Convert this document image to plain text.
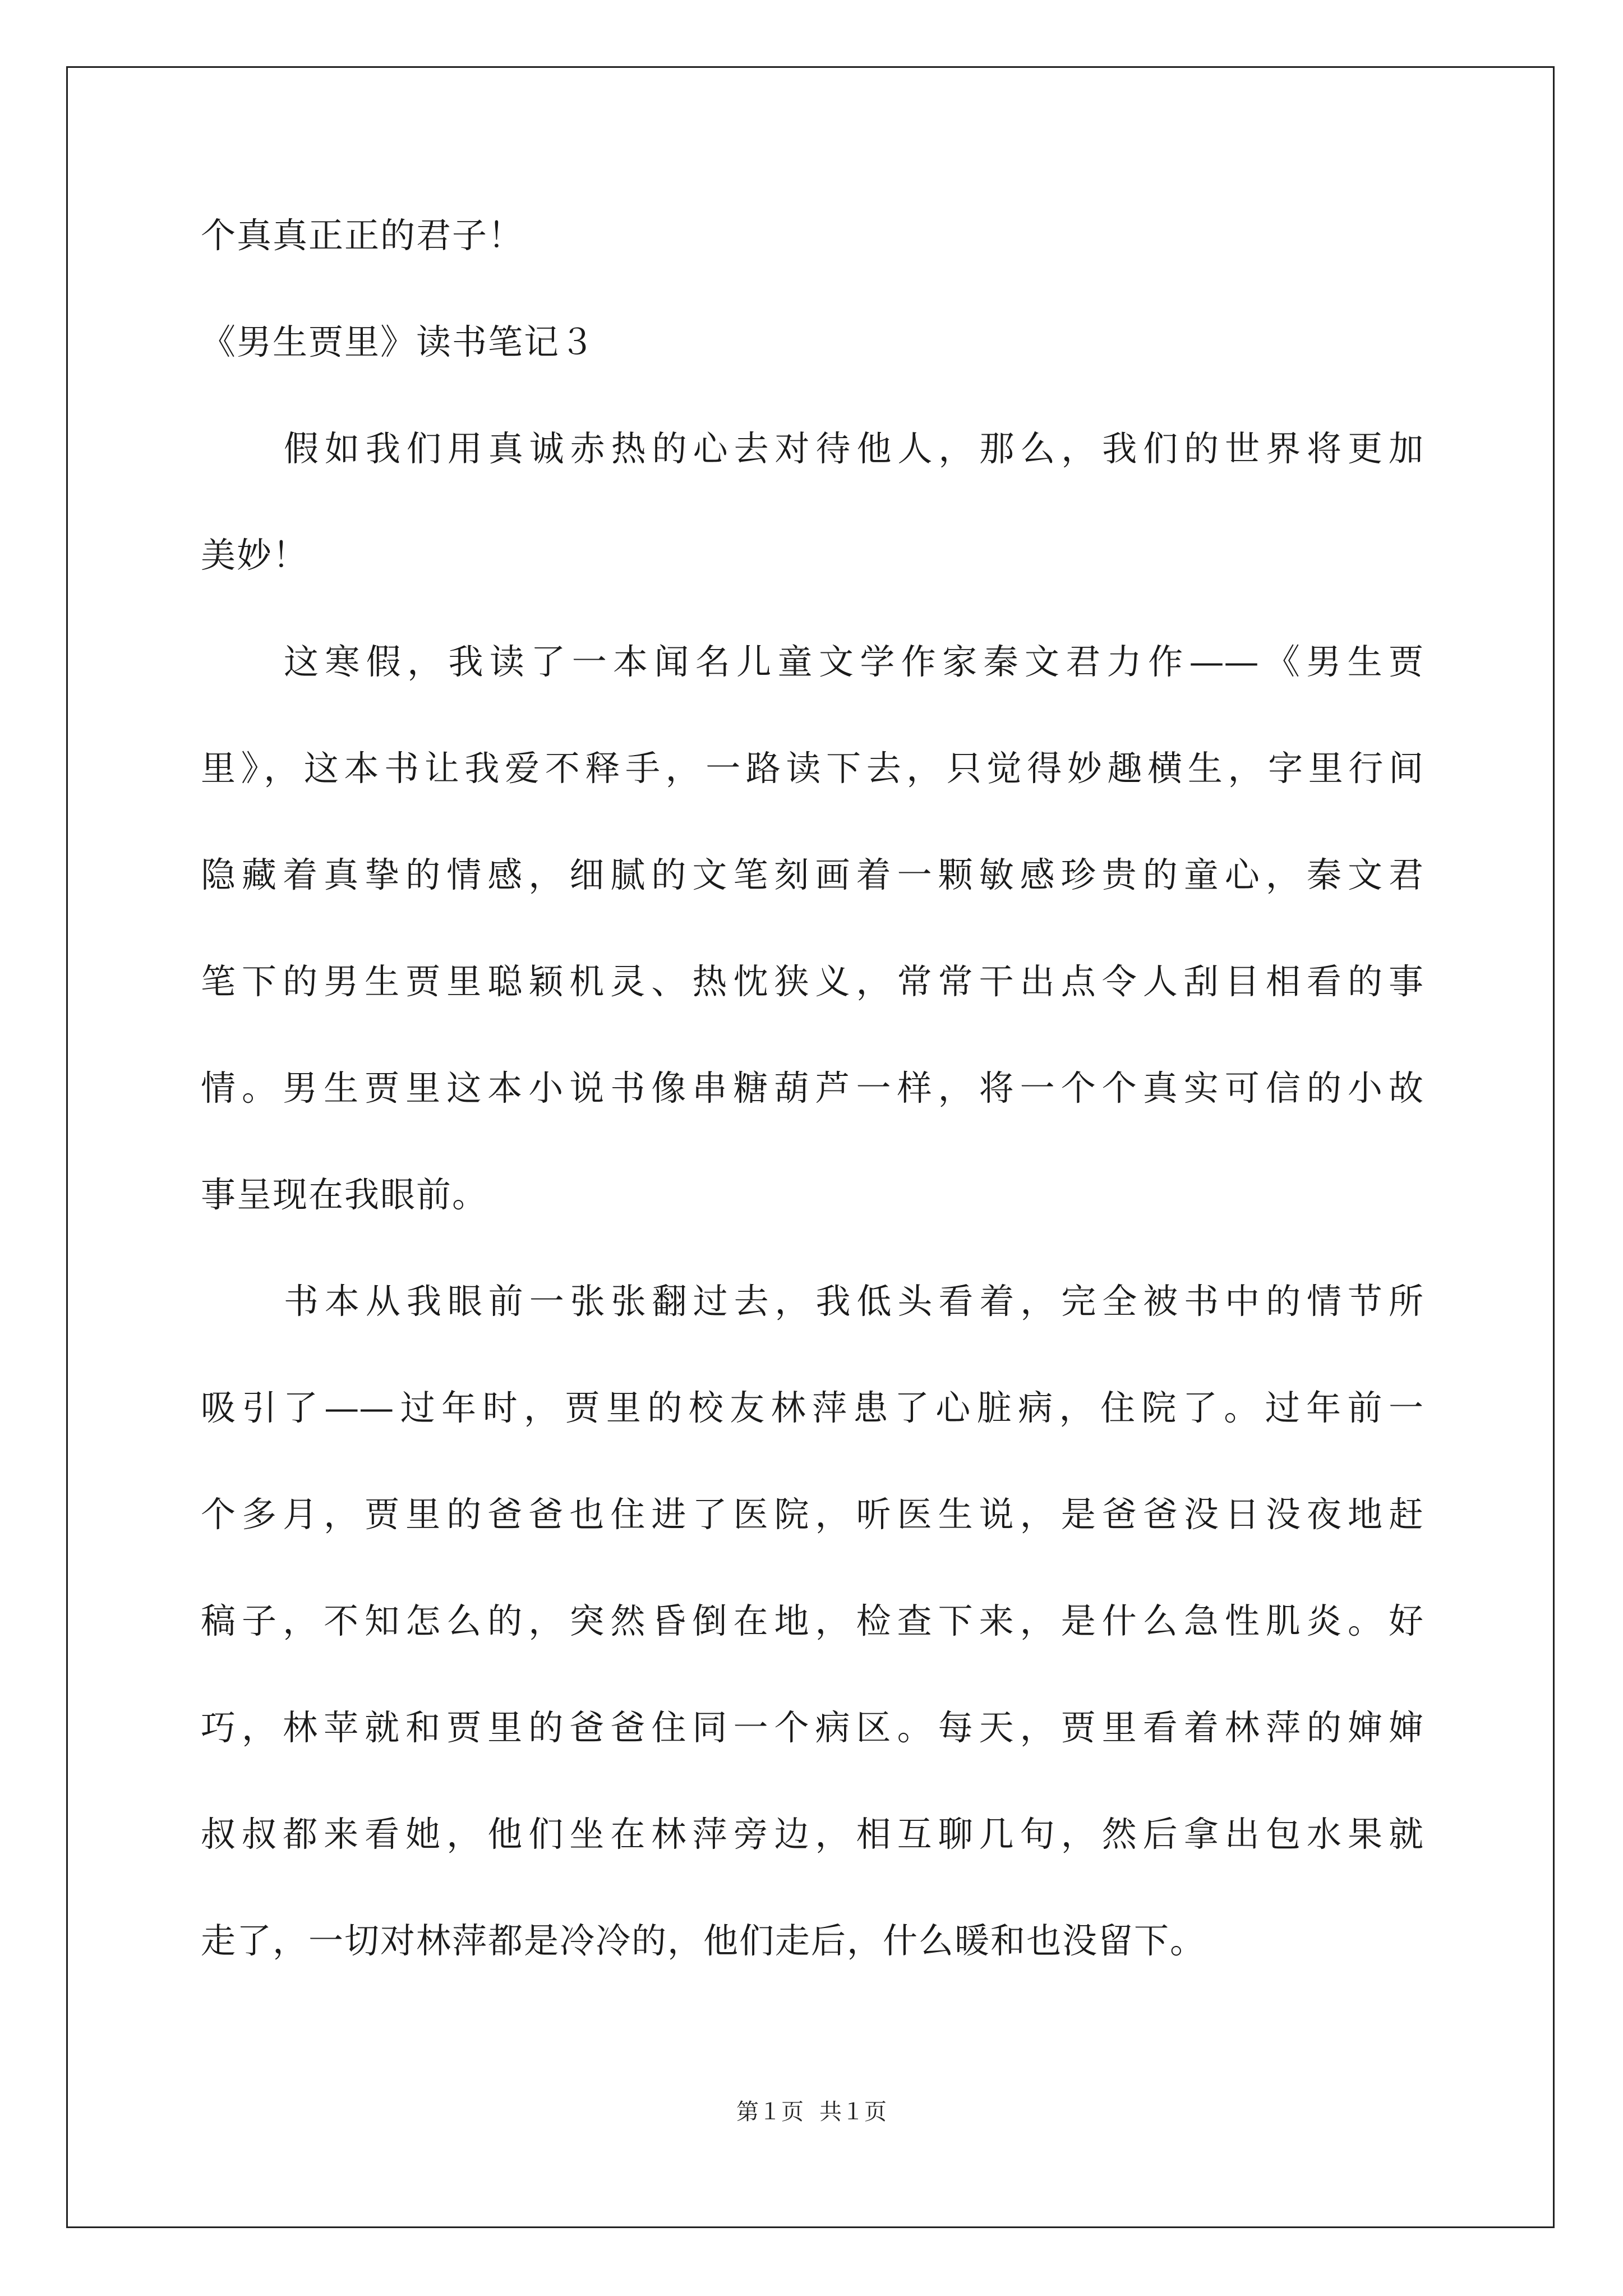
个真真正正的君子！
《男生贾里》读书笔记３
假如我们用真诚赤热的心去对待他人，那么，我们的世界将更加
美妙！
这寒假，我读了一本闻名儿童文学作家秦文君力作——《男生贾
里》，这本书让我爱不释手，一路读下去，只觉得妙趣横生，字里行间
隐藏着真挚的情感，细腻的文笔刻画着一颗敏感珍贵的童心，秦文君
笔下的男生贾里聪颖机灵、热忱狭义，常常干出点令人刮目相看的事
情。男生贾里这本小说书像串糖葫芦一样，将一个个真实可信的小故
事呈现在我眼前。
书本从我眼前一张张翻过去，我低头看着，完全被书中的情节所
吸引了——过年时，贾里的校友林萍患了心脏病，住院了。过年前一
个多月，贾里的爸爸也住进了医院，听医生说，是爸爸没日没夜地赶
稿子，不知怎么的，突然昏倒在地，检查下来，是什么急性肌炎。好
巧，林苹就和贾里的爸爸住同一个病区。每天，贾里看着林萍的婶婶
叔叔都来看她，他们坐在林萍旁边，相互聊几句，然后拿出包水果就
走了，一切对林萍都是冷冷的，他们走后，什么暖和也没留下。
第１页 共１页
